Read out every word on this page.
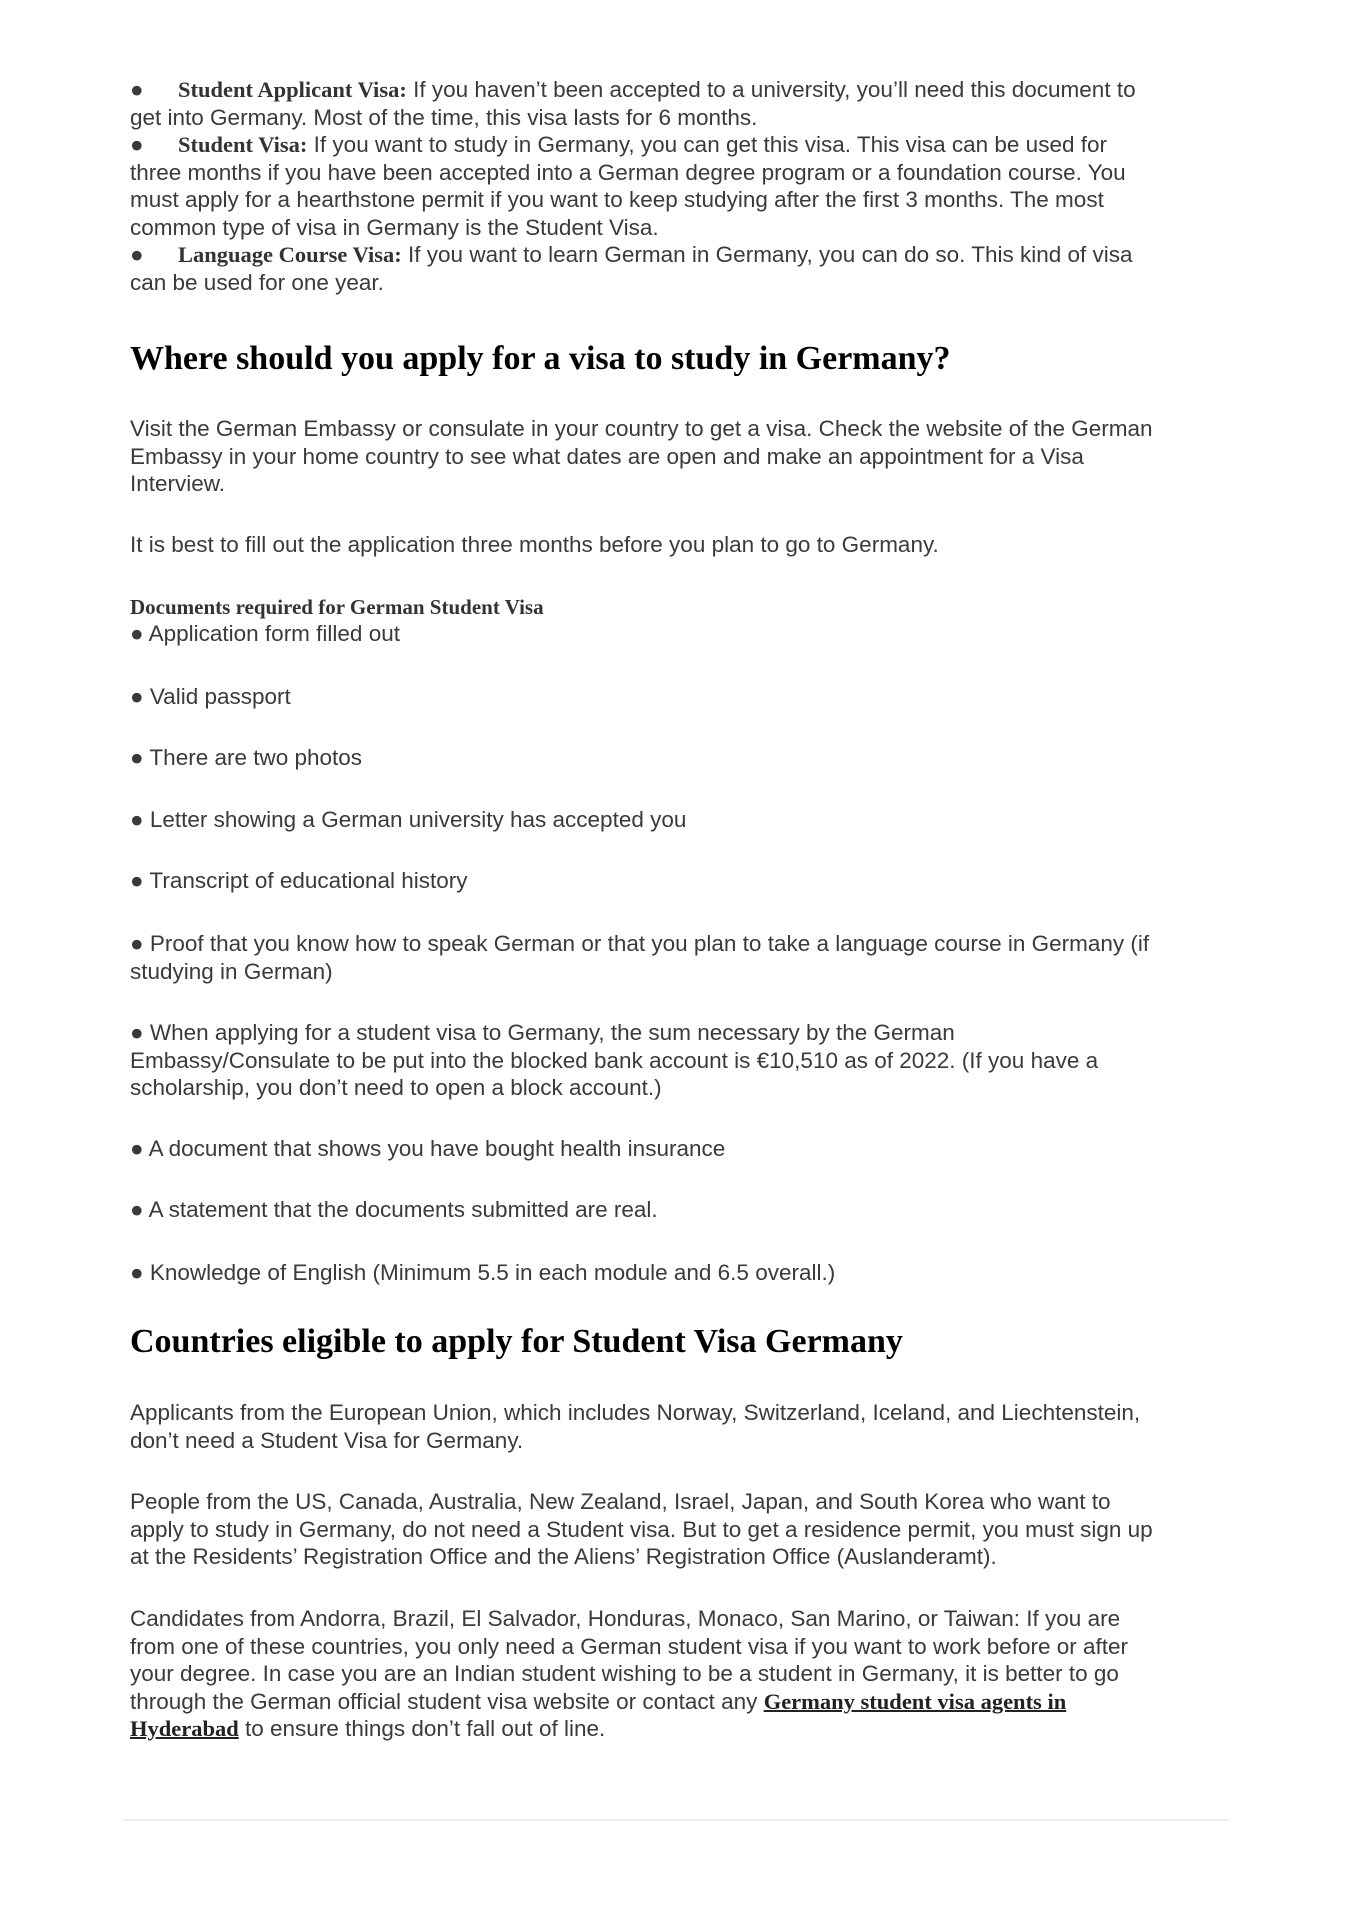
● Student Applicant Visa: If you haven’t been accepted to a university, you’ll need this document to
get into Germany. Most of the time, this visa lasts for 6 months.
● Student Visa: If you want to study in Germany, you can get this visa. This visa can be used for
three months if you have been accepted into a German degree program or a foundation course. You
must apply for a hearthstone permit if you want to keep studying after the first 3 months. The most
common type of visa in Germany is the Student Visa.
● Language Course Visa: If you want to learn German in Germany, you can do so. This kind of visa
can be used for one year.
Where should you apply for a visa to study in Germany?
Visit the German Embassy or consulate in your country to get a visa. Check the website of the German
Embassy in your home country to see what dates are open and make an appointment for a Visa
Interview.
It is best to fill out the application three months before you plan to go to Germany.
Documents required for German Student Visa
● Application form filled out
● Valid passport
● There are two photos
● Letter showing a German university has accepted you
● Transcript of educational history
● Proof that you know how to speak German or that you plan to take a language course in Germany (if
studying in German)
● When applying for a student visa to Germany, the sum necessary by the German
Embassy/Consulate to be put into the blocked bank account is €10,510 as of 2022. (If you have a
scholarship, you don’t need to open a block account.)
● A document that shows you have bought health insurance
● A statement that the documents submitted are real.
● Knowledge of English (Minimum 5.5 in each module and 6.5 overall.)
Countries eligible to apply for Student Visa Germany
Applicants from the European Union, which includes Norway, Switzerland, Iceland, and Liechtenstein,
don’t need a Student Visa for Germany.
People from the US, Canada, Australia, New Zealand, Israel, Japan, and South Korea who want to
apply to study in Germany, do not need a Student visa. But to get a residence permit, you must sign up
at the Residents’ Registration Office and the Aliens’ Registration Office (Auslanderamt).
Candidates from Andorra, Brazil, El Salvador, Honduras, Monaco, San Marino, or Taiwan: If you are
from one of these countries, you only need a German student visa if you want to work before or after
your degree. In case you are an Indian student wishing to be a student in Germany, it is better to go
through the German official student visa website or contact any Germany student visa agents in
Hyderabad to ensure things don’t fall out of line.
